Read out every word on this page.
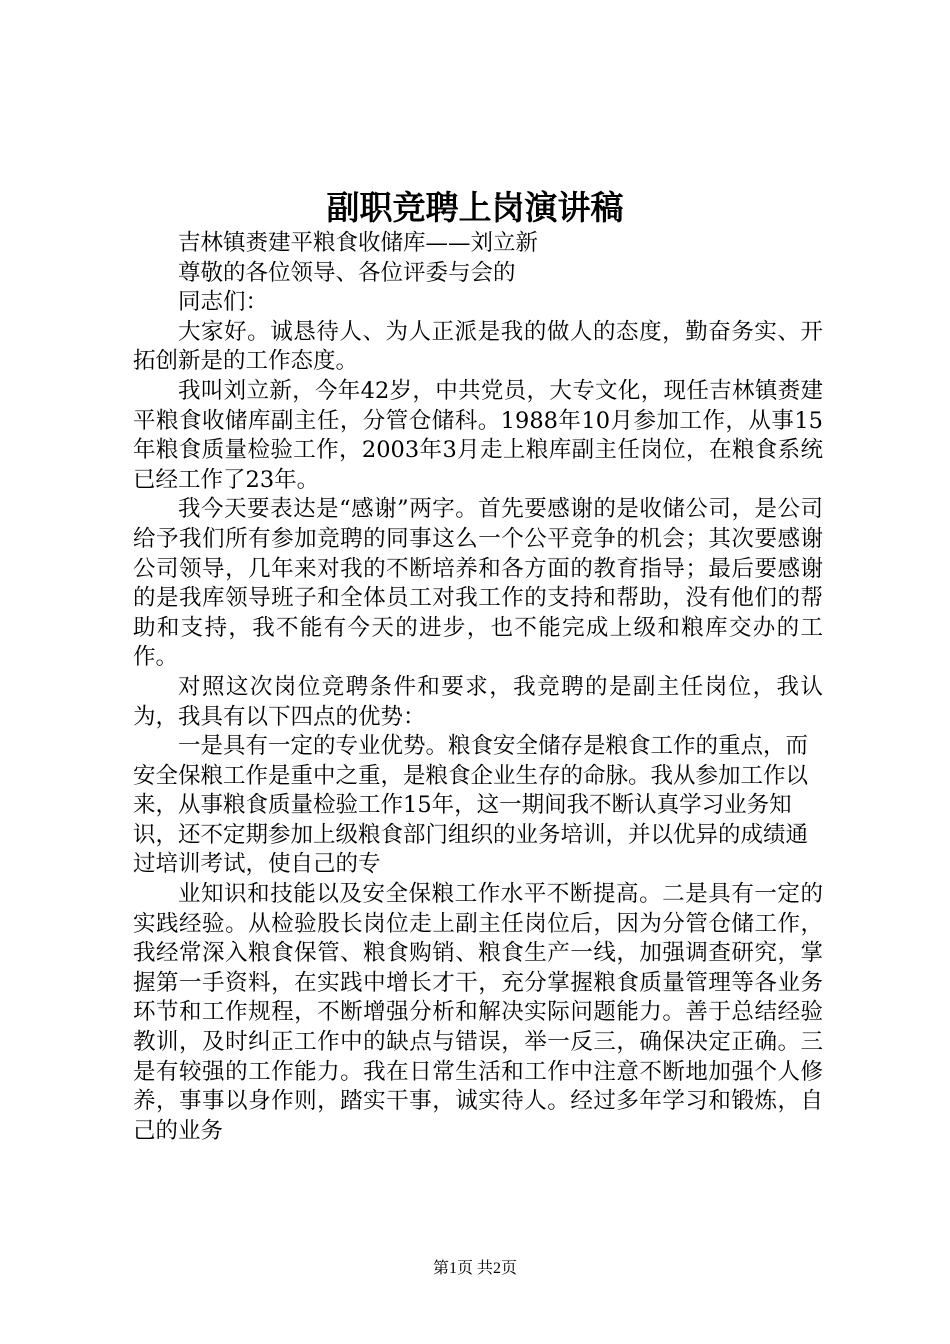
副职竞聘上岗演讲稿

吉林镇赉建平粮食收储库——刘立新

尊敬的各位领导、各位评委与会的

同志们：

大家好。诚恳待人、为人正派是我的做人的态度，勤奋务实、开拓创新是的工作态度。

我叫刘立新，今年42岁，中共党员，大专文化，现任吉林镇赉建平粮食收储库副主任，分管仓储科。1988年10月参加工作，从事15年粮食质量检验工作，2003年3月走上粮库副主任岗位，在粮食系统已经工作了23年。

我今天要表达是“感谢”两字。首先要感谢的是收储公司，是公司给予我们所有参加竞聘的同事这么一个公平竞争的机会；其次要感谢公司领导，几年来对我的不断培养和各方面的教育指导；最后要感谢的是我库领导班子和全体员工对我工作的支持和帮助，没有他们的帮助和支持，我不能有今天的进步，也不能完成上级和粮库交办的工作。

对照这次岗位竞聘条件和要求，我竞聘的是副主任岗位，我认为，我具有以下四点的优势：

一是具有一定的专业优势。粮食安全储存是粮食工作的重点，而安全保粮工作是重中之重，是粮食企业生存的命脉。我从参加工作以来，从事粮食质量检验工作15年，这一期间我不断认真学习业务知识，还不定期参加上级粮食部门组织的业务培训，并以优异的成绩通过培训考试，使自己的专

业知识和技能以及安全保粮工作水平不断提高。二是具有一定的实践经验。从检验股长岗位走上副主任岗位后，因为分管仓储工作，我经常深入粮食保管、粮食购销、粮食生产一线，加强调查研究，掌握第一手资料，在实践中增长才干，充分掌握粮食质量管理等各业务环节和工作规程，不断增强分析和解决实际问题能力。善于总结经验教训，及时纠正工作中的缺点与错误，举一反三，确保决定正确。三是有较强的工作能力。我在日常生活和工作中注意不断地加强个人修养，事事以身作则，踏实干事，诚实待人。经过多年学习和锻炼，自己的业务

第1页 共2页
